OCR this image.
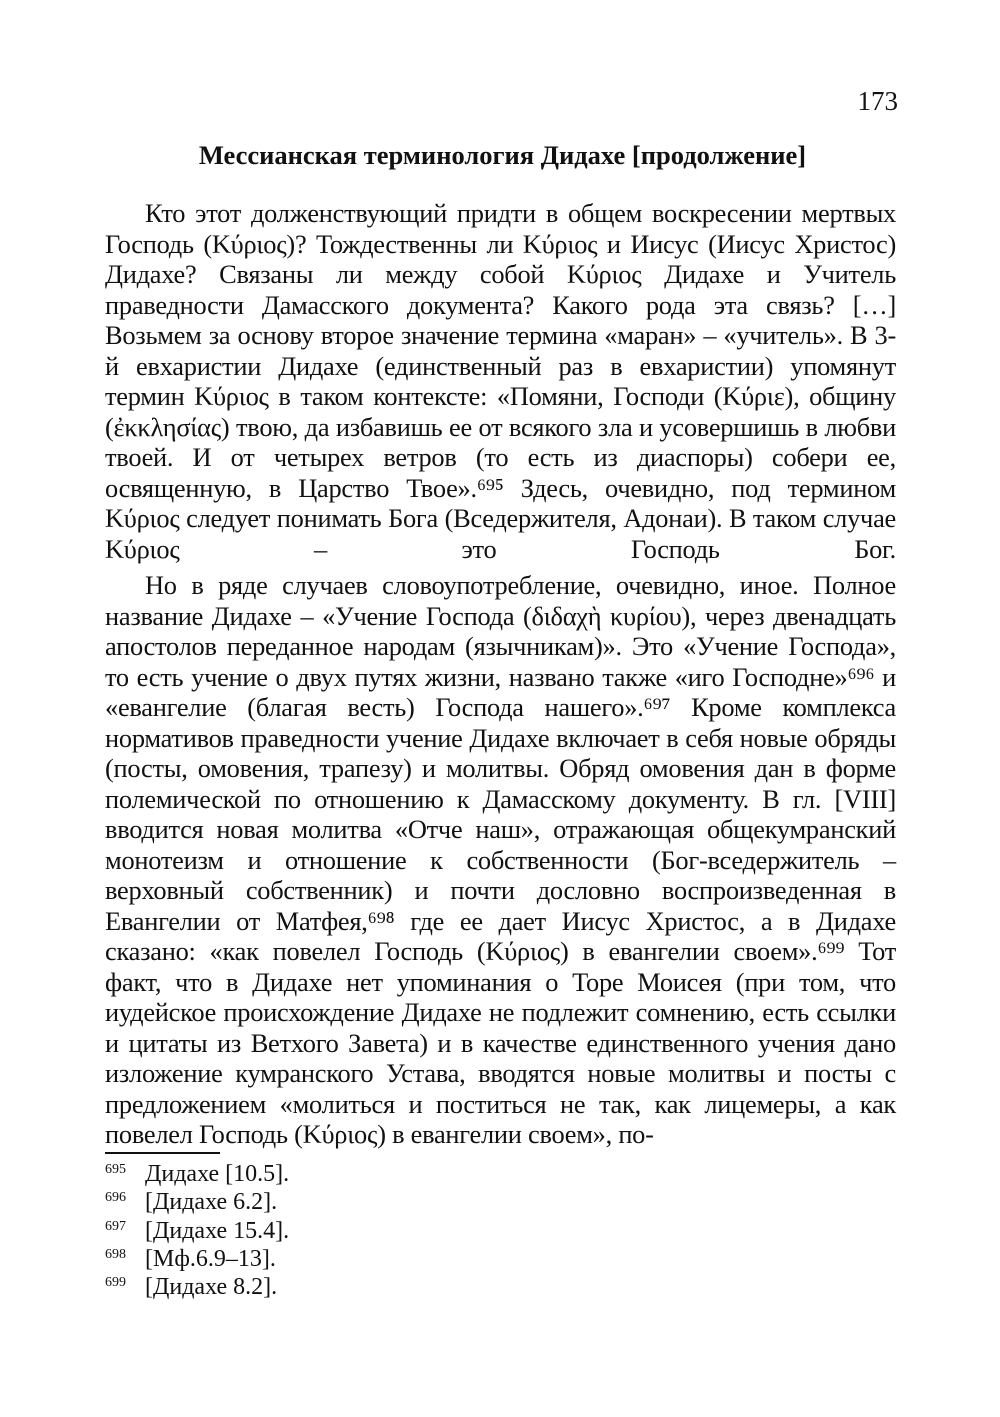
173
Мессианская терминология Дидахе [продолжение]

Кто этот долженствующий придти в общем воскресении мертвых Господь (Κύριος)? Тождественны ли Κύριος и Иисус (Иисус Христос) Дидахе? Связаны ли между собой Κύριος Дидахе и Учитель праведности Дамасского документа? Какого рода эта связь? […] Возьмем за основу второе значение термина «маран» – «учитель». В 3-й евхаристии Дидахе (единственный раз в евхаристии) упомянут термин Κύριος в таком контексте: «Помяни, Господи (Κύριε), общину (ἐκκλησίας) твою, да избавишь ее от всякого зла и усовершишь в любви твоей. И от четырех ветров (то есть из диаспоры) собери ее, освященную, в Царство Твое».⁶⁹⁵ Здесь, очевидно, под термином Κύριος следует понимать Бога (Вседержителя, Адонаи). В таком случае Κύριος – это Господь Бог.

Но в ряде случаев словоупотребление, очевидно, иное. Полное название Дидахе – «Учение Господа (διδαχὴ κυρίου), через двенадцать апостолов переданное народам (язычникам)». Это «Учение Господа», то есть учение о двух путях жизни, названо также «иго Господне»⁶⁹⁶ и «евангелие (благая весть) Господа нашего».⁶⁹⁷ Кроме комплекса нормативов праведности учение Дидахе включает в себя новые обряды (посты, омовения, трапезу) и молитвы. Обряд омовения дан в форме полемической по отношению к Дамасскому документу. В гл. [VIII] вводится новая молитва «Отче наш», отражающая общекумранский монотеизм и отношение к собственности (Бог-вседержитель – верховный собственник) и почти дословно воспроизведенная в Евангелии от Матфея,⁶⁹⁸ где ее дает Иисус Христос, а в Дидахе сказано: «как повелел Господь (Κύριος) в евангелии своем».⁶⁹⁹ Тот факт, что в Дидахе нет упоминания о Торе Моисея (при том, что иудейское происхождение Дидахе не подлежит сомнению, есть ссылки и цитаты из Ветхого Завета) и в качестве единственного учения дано изложение кумранского Устава, вводятся новые молитвы и посты с предложением «молиться и поститься не так, как лицемеры, а как повелел Господь (Κύριος) в евангелии своем», по-

695 Дидахе [10.5].
696 [Дидахе 6.2].
697 [Дидахе 15.4].
698 [Мф.6.9–13].
699 [Дидахе 8.2].
